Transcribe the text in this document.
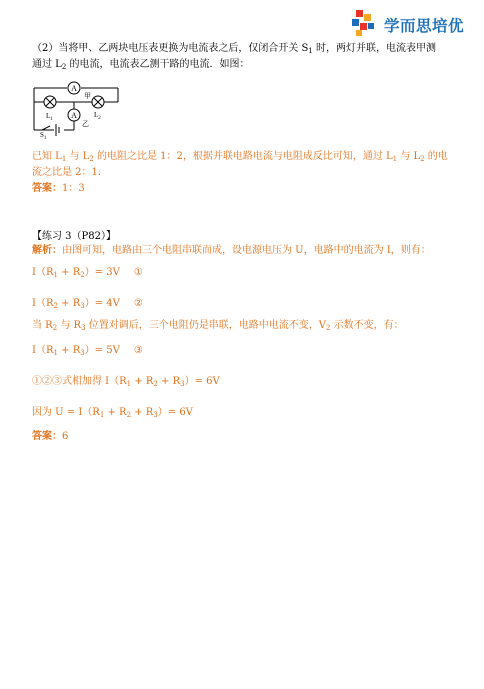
学而思培优
（2）当将甲、乙两块电压表更换为电流表之后，仅闭合开关 $S_1$ 时，两灯并联，电流表甲测
通过 $L_2$ 的电流，电流表乙测干路的电流．如图：
A
甲
$L_1$
$L_2$
A
乙
$S_1$
已知 $L_1$ 与 $L_2$ 的电阻之比是 1：2，根据并联电路电流与电阻成反比可知，通过 $L_1$ 与 $L_2$ 的电
流之比是 2：1．
答案：1：3
【练习 3（P82）】
解析：由图可知，电路由三个电阻串联而成，设电源电压为 U，电路中的电流为 I，则有：
$I(R_1 + R_2)= 3V$ ①
$I(R_2 + R_3)= 4V$ ②
当 $R_2$ 与 $R_3$ 位置对调后，三个电阻仍是串联，电路中电流不变，$V_2$ 示数不变，有：
$I(R_1 + R_3)= 5V$ ③
①②③式相加得 $I(R_1 + R_2 + R_3)= 6V$
因为 $U = I(R_1 + R_2 + R_3)= 6V$
答案：6
